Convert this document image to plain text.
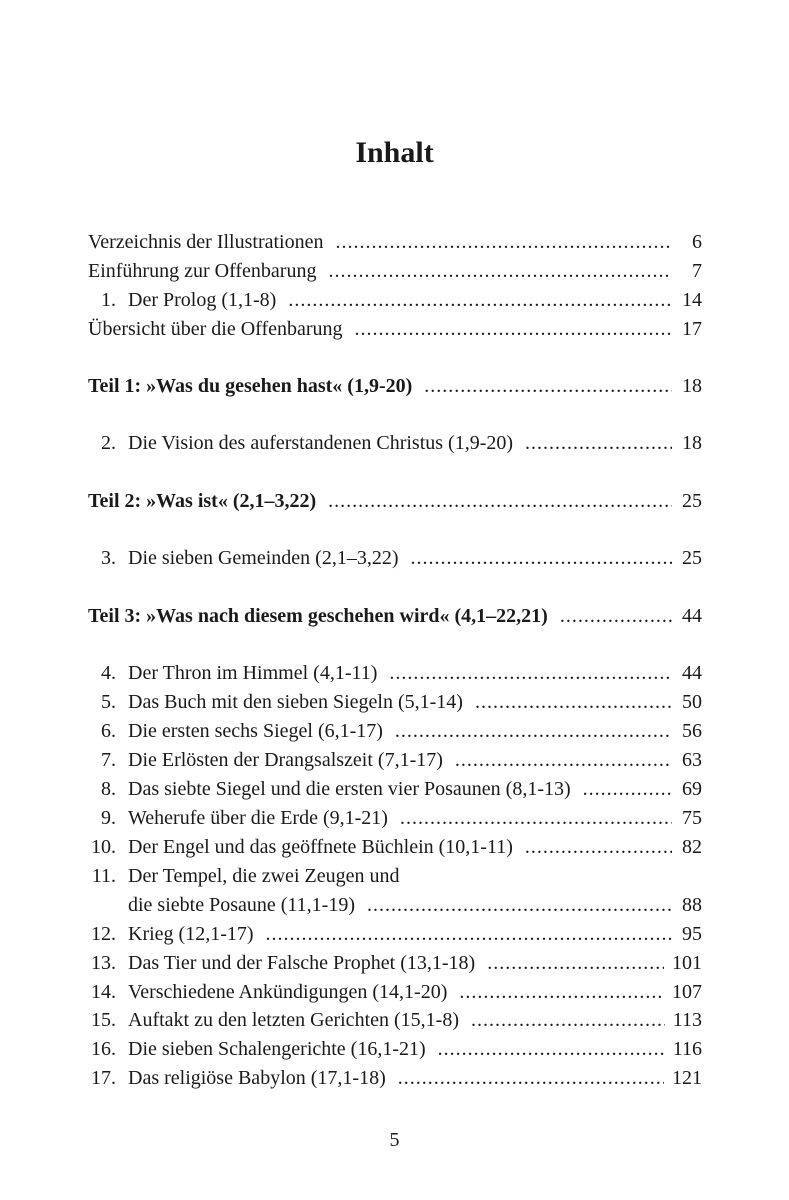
Inhalt
Verzeichnis der Illustrationen .....	6
Einführung zur Offenbarung .....	7
1. Der Prolog (1,1-8) .....	14
Übersicht über die Offenbarung .....	17
Teil 1: »Was du gesehen hast« (1,9-20) .....	18
2. Die Vision des auferstandenen Christus (1,9-20) .....	18
Teil 2: »Was ist« (2,1–3,22) .....	25
3. Die sieben Gemeinden (2,1–3,22) .....	25
Teil 3: »Was nach diesem geschehen wird« (4,1–22,21) .....	44
4. Der Thron im Himmel (4,1-11) .....	44
5. Das Buch mit den sieben Siegeln (5,1-14) .....	50
6. Die ersten sechs Siegel (6,1-17) .....	56
7. Die Erlösten der Drangsalszeit (7,1-17) .....	63
8. Das siebte Siegel und die ersten vier Posaunen (8,1-13) .....	69
9. Weherufe über die Erde (9,1-21) .....	75
10. Der Engel und das geöffnete Büchlein (10,1-11) .....	82
11. Der Tempel, die zwei Zeugen und
die siebte Posaune (11,1-19) .....	88
12. Krieg (12,1-17) .....	95
13. Das Tier und der Falsche Prophet (13,1-18) .....	101
14. Verschiedene Ankündigungen (14,1-20) .....	107
15. Auftakt zu den letzten Gerichten (15,1-8) .....	113
16. Die sieben Schalengerichte (16,1-21) .....	116
17. Das religiöse Babylon (17,1-18) .....	121
5
